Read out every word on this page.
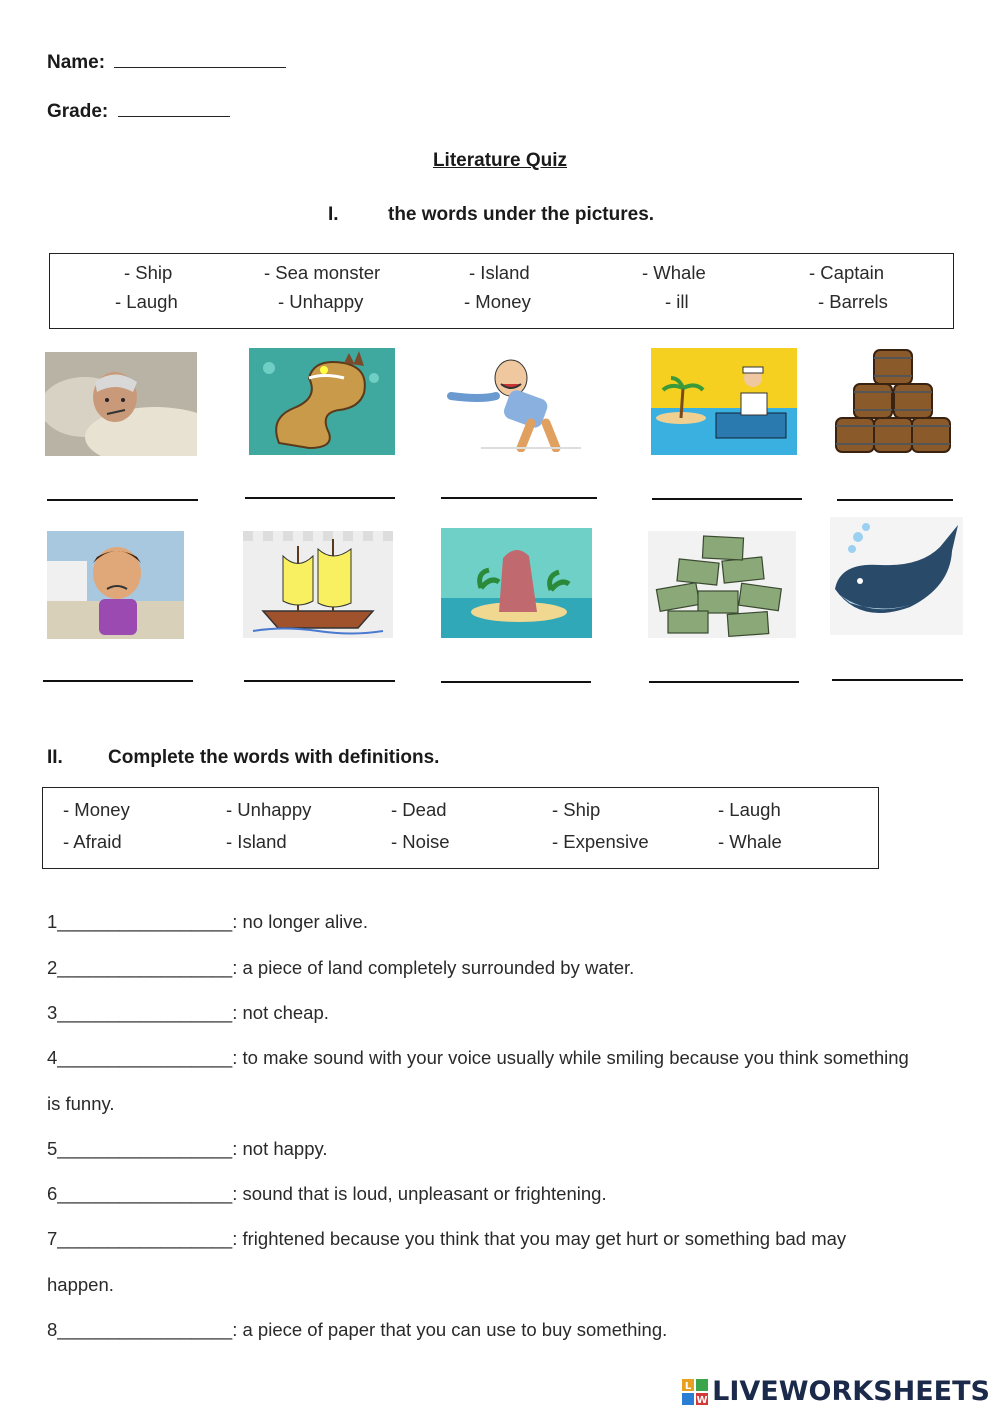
Name:
Grade:
Literature Quiz
I.	the words under the pictures.
- Ship	- Sea monster	- Island	- Whale	- Captain
- Laugh	- Unhappy	- Money	- ill	- Barrels
II. Complete the words with definitions.
- Money	- Unhappy	- Dead	- Ship	- Laugh
- Afraid	- Island	- Noise	- Expensive	- Whale
1_________________: no longer alive.
2_________________: a piece of land completely surrounded by water.
3_________________: not cheap.
4_________________: to make sound with your voice usually while smiling because you think something
is funny.
5_________________: not happy.
6_________________: sound that is loud, unpleasant or frightening.
7_________________: frightened because you think that you may get hurt or something bad may
happen.
8_________________: a piece of paper that you can use to buy something.
L
W LIVEWORKSHEETS
